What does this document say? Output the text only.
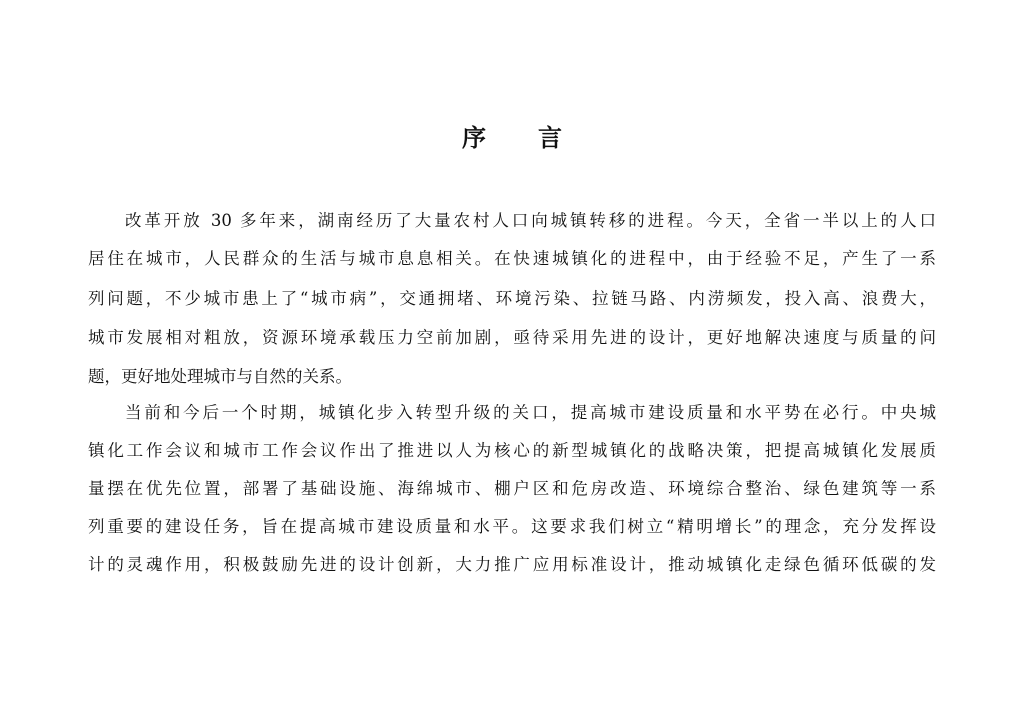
序 言
改革开放 30 多年来，湖南经历了大量农村人口向城镇转移的进程。今天，全省一半以上的人口
居住在城市，人民群众的生活与城市息息相关。在快速城镇化的进程中，由于经验不足，产生了一系
列问题，不少城市患上了“城市病”，交通拥堵、环境污染、拉链马路、内涝频发，投入高、浪费大，
城市发展相对粗放，资源环境承载压力空前加剧，亟待采用先进的设计，更好地解决速度与质量的问
题，更好地处理城市与自然的关系。
当前和今后一个时期，城镇化步入转型升级的关口，提高城市建设质量和水平势在必行。中央城
镇化工作会议和城市工作会议作出了推进以人为核心的新型城镇化的战略决策，把提高城镇化发展质
量摆在优先位置，部署了基础设施、海绵城市、棚户区和危房改造、环境综合整治、绿色建筑等一系
列重要的建设任务，旨在提高城市建设质量和水平。这要求我们树立“精明增长”的理念，充分发挥设
计的灵魂作用，积极鼓励先进的设计创新，大力推广应用标准设计，推动城镇化走绿色循环低碳的发
